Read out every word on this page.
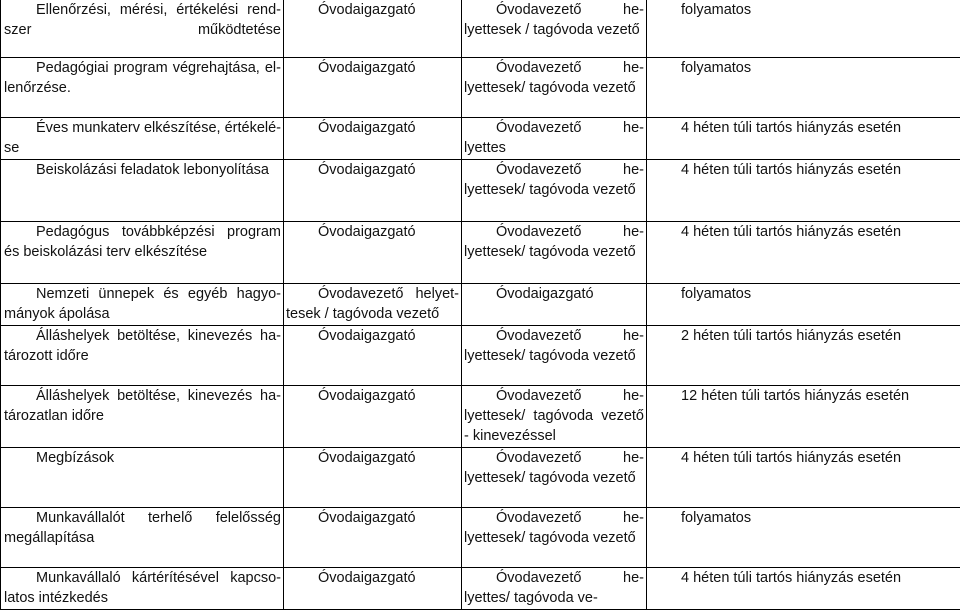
Ellenőrzési, mérési, értékelési rend-szer működtetése	Óvodaigazgató	Óvodavezető he-lyettesek / tagóvoda vezető	folyamatos

Pedagógiai program végrehajtása, el-lenőrzése.	Óvodaigazgató	Óvodavezető he-lyettesek/ tagóvoda vezető	folyamatos

Éves munkaterv elkészítése, értékelé-se	Óvodaigazgató	Óvodavezető he-lyettes	4 héten túli tartós hiányzás esetén

Beiskolázási feladatok lebonyolítása	Óvodaigazgató	Óvodavezető he-lyettesek/ tagóvoda vezető	4 héten túli tartós hiányzás esetén

Pedagógus továbbképzési program és beiskolázási terv elkészítése	Óvodaigazgató	Óvodavezető he-lyettesek/ tagóvoda vezető	4 héten túli tartós hiányzás esetén

Nemzeti ünnepek és egyéb hagyo-mányok ápolása	Óvodavezető helyet-tesek / tagóvoda vezető	Óvodaigazgató	folyamatos

Álláshelyek betöltése, kinevezés ha-tározott időre	Óvodaigazgató	Óvodavezető he-lyettesek/ tagóvoda vezető	2 héten túli tartós hiányzás esetén

Álláshelyek betöltése, kinevezés ha-tározatlan időre	Óvodaigazgató	Óvodavezető he-lyettesek/ tagóvoda vezető - kinevezéssel	12 héten túli tartós hiányzás esetén

Megbízások	Óvodaigazgató	Óvodavezető he-lyettesek/ tagóvoda vezető	4 héten túli tartós hiányzás esetén

Munkavállalót terhelő felelősség megállapítása	Óvodaigazgató	Óvodavezető he-lyettesek/ tagóvoda vezető	folyamatos

Munkavállaló kártérítésével kapcso-latos intézkedés	Óvodaigazgató	Óvodavezető he-lyettes/ tagóvoda ve-	4 héten túli tartós hiányzás esetén
